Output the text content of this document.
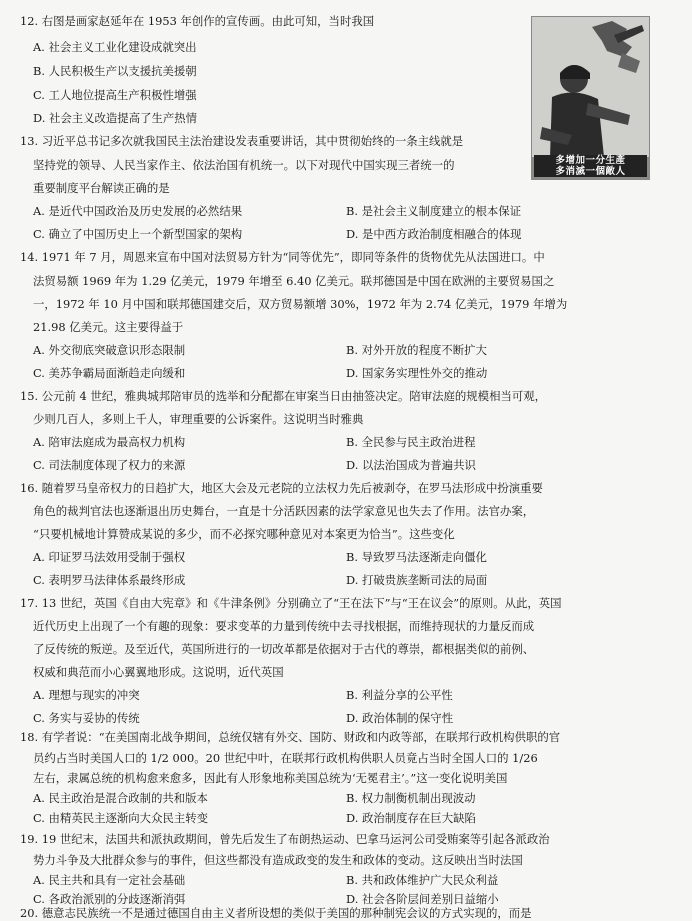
12. 右图是画家赵延年在 1953 年创作的宣传画。由此可知，当时我国
A. 社会主义工业化建设成就突出
B. 人民积极生产以支援抗美援朝
C. 工人地位提高生产积极性增强
D. 社会主义改造提高了生产热情
多增加一分生產
多消滅一個敵人
13. 习近平总书记多次就我国民主法治建设发表重要讲话，其中贯彻始终的一条主线就是
坚持党的领导、人民当家作主、依法治国有机统一。以下对现代中国实现三者统一的
重要制度平台解读正确的是
A. 是近代中国政治及历史发展的必然结果	B. 是社会主义制度建立的根本保证
C. 确立了中国历史上一个新型国家的架构	D. 是中西方政治制度相融合的体现
14. 1971 年 7 月，周恩来宣布中国对法贸易方针为“同等优先”，即同等条件的货物优先从法国进口。中
法贸易额 1969 年为 1.29 亿美元，1979 年增至 6.40 亿美元。联邦德国是中国在欧洲的主要贸易国之
一，1972 年 10 月中国和联邦德国建交后，双方贸易额增 30%，1972 年为 2.74 亿美元，1979 年增为
21.98 亿美元。这主要得益于
A. 外交彻底突破意识形态限制	B. 对外开放的程度不断扩大
C. 美苏争霸局面渐趋走向缓和	D. 国家务实理性外交的推动
15. 公元前 4 世纪，雅典城邦陪审员的选举和分配都在审案当日由抽签决定。陪审法庭的规模相当可观，
少则几百人，多则上千人，审理重要的公诉案件。这说明当时雅典
A. 陪审法庭成为最高权力机构	B. 全民参与民主政治进程
C. 司法制度体现了权力的来源	D. 以法治国成为普遍共识
16. 随着罗马皇帝权力的日趋扩大，地区大会及元老院的立法权力先后被剥夺，在罗马法形成中扮演重要
角色的裁判官法也逐渐退出历史舞台，一直是十分活跃因素的法学家意见也失去了作用。法官办案，
“只要机械地计算赞成某说的多少，而不必探究哪种意见对本案更为恰当”。这些变化
A. 印证罗马法效用受制于强权	B. 导致罗马法逐渐走向僵化
C. 表明罗马法律体系最终形成	D. 打破贵族垄断司法的局面
17. 13 世纪，英国《自由大宪章》和《牛津条例》分别确立了“王在法下”与“王在议会”的原则。从此，英国
近代历史上出现了一个有趣的现象：要求变革的力量到传统中去寻找根据，而维持现状的力量反而成
了反传统的叛逆。及至近代，英国所进行的一切改革都是依据对于古代的尊崇，都根据类似的前例、
权威和典范而小心翼翼地形成。这说明，近代英国
A. 理想与现实的冲突	B. 利益分享的公平性
C. 务实与妥协的传统	D. 政治体制的保守性
18. 有学者说：“在美国南北战争期间，总统仅辖有外交、国防、财政和内政等部，在联邦行政机构供职的官
员约占当时美国人口的 1/2 000。20 世纪中叶，在联邦行政机构供职人员竟占当时全国人口的 1/26
左右，隶属总统的机构愈来愈多，因此有人形象地称美国总统为‘无冕君主’。”这一变化说明美国
A. 民主政治是混合政制的共和版本	B. 权力制衡机制出现波动
C. 由精英民主逐渐向大众民主转变	D. 政治制度存在巨大缺陷
19. 19 世纪末，法国共和派执政期间，曾先后发生了布朗热运动、巴拿马运河公司受贿案等引起各派政治
势力斗争及大批群众参与的事件，但这些都没有造成政变的发生和政体的变动。这反映出当时法国
A. 民主共和具有一定社会基础	B. 共和政体维护广大民众利益
C. 各政治派别的分歧逐渐消弭	D. 社会各阶层间差别日益缩小
20. 德意志民族统一不是通过德国自由主义者所设想的类似于美国的那种制宪会议的方式实现的，而是
